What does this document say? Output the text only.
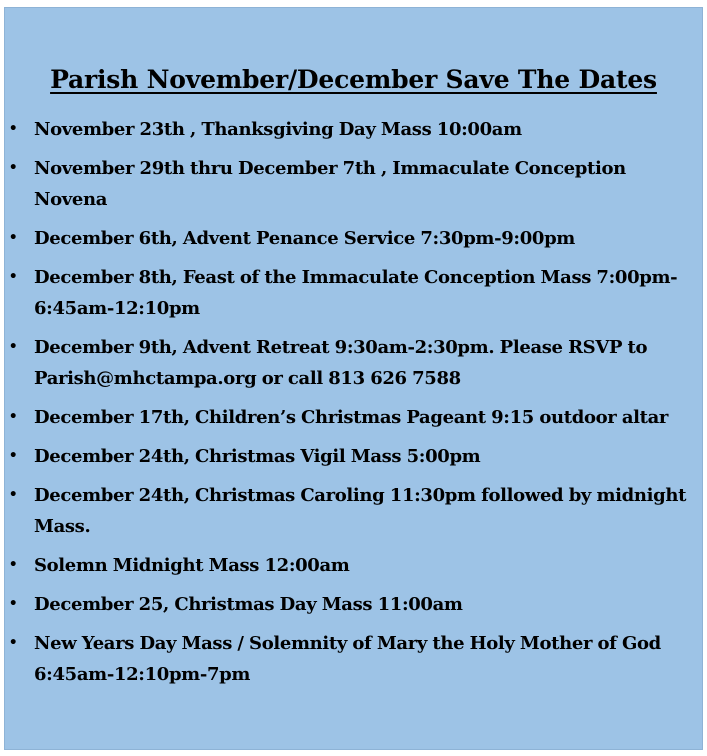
Parish November/December Save The Dates
• November 23th , Thanksgiving Day Mass 10:00am
• November 29th thru December 7th , Immaculate Conception Novena
• December 6th, Advent Penance Service 7:30pm-9:00pm
• December 8th, Feast of the Immaculate Conception Mass 7:00pm-6:45am-12:10pm
• December 9th, Advent Retreat 9:30am-2:30pm. Please RSVP to Parish@mhctampa.org or call 813 626 7588
• December 17th, Children’s Christmas Pageant 9:15 outdoor altar
• December 24th, Christmas Vigil Mass 5:00pm
• December 24th, Christmas Caroling 11:30pm followed by midnight Mass.
• Solemn Midnight Mass 12:00am
• December 25, Christmas Day Mass 11:00am
• New Years Day Mass / Solemnity of Mary the Holy Mother of God 6:45am-12:10pm-7pm
